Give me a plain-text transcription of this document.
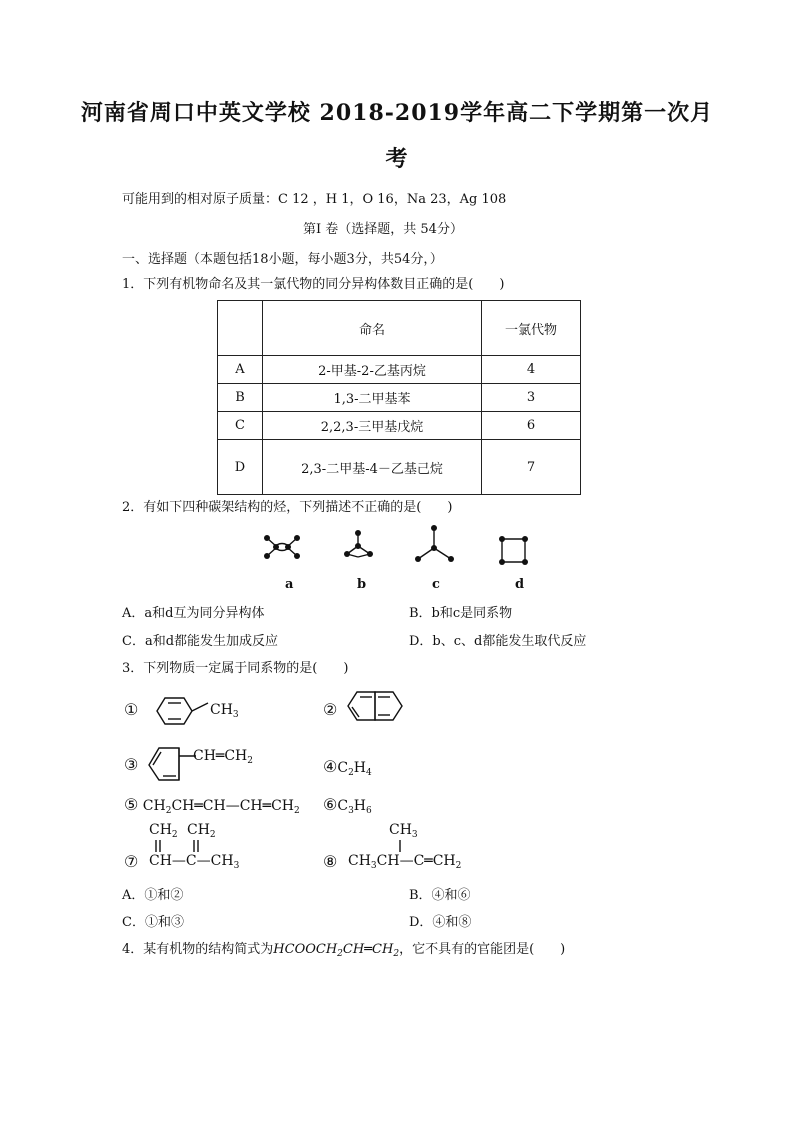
河南省周口中英文学校 2018-2019学年高二下学期第一次月
考
可能用到的相对原子质量：C 12 ，H 1，O 16，Na 23，Ag 108
第Ⅰ 卷（选择题，共 54分）
一、选择题（本题包括18小题，每小题3分，共54分，）
1．下列有机物命名及其一氯代物的同分异构体数目正确的是(　　)
	命名	一氯代物
A	2-甲基-2-乙基丙烷	4
B	1,3-二甲基苯	3
C	2,2,3-三甲基戊烷	6
D	2,3-二甲基-4－乙基己烷	7
2．有如下四种碳架结构的烃，下列描述不正确的是(　　)
a	b	c	d
A．a和d互为同分异构体	B．b和c是同系物
C．a和d都能发生加成反应	D．b、c、d都能发生取代反应
3．下列物质一定属于同系物的是(　　)
①	$CH_3$	②
③	$CH═CH_2$	$④C_2H_4$
⑤ $CH_2CH═CH—CH═CH_2$ $⑥C_3H_6$
$CH_2$ $CH_2$
⑦ $CH—C—CH_3$
$CH_3$
⑧ $CH_3CH—C═CH_2$
A．①和②	B．④和⑥
C．①和③	D．④和⑧
4．某有机物的结构简式为$HCOOCH_2CH═CH_2$，它不具有的官能团是(　　)
